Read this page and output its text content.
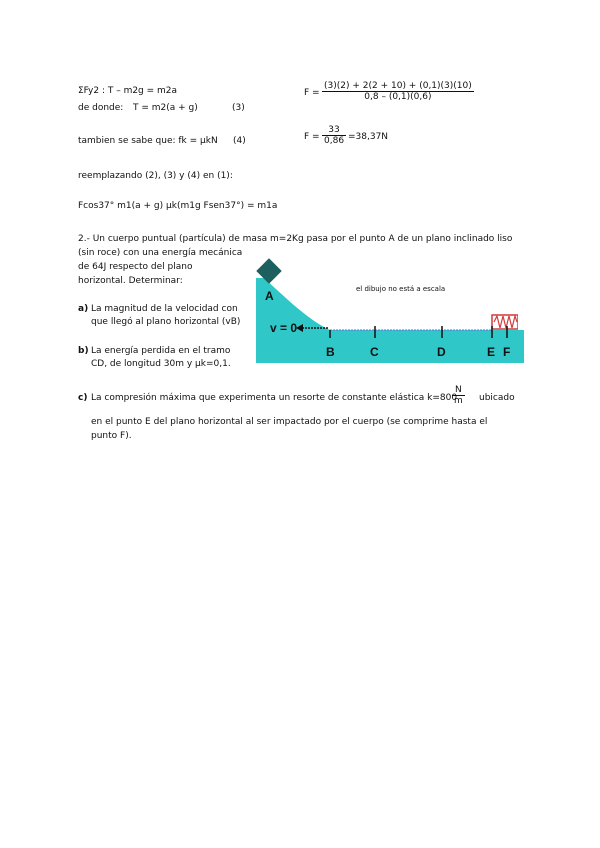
ΣFy2 : T – m2g = m2a
de donde: T = m2(a + g)	(3)
tambien se sabe que: fk = μkN (4)
$F = \frac{(3)(2) + 2(2 + 10) + (0,1)(3)(10)}{0,8 - (0,1)(0,6)}$
$F = \frac{33}{0,86} =38,37N$
reemplazando (2), (3) y (4) en (1):
Fcos37° m1(a + g) μk(m1g Fsen37°) = m1a
2.- Un cuerpo puntual (partícula) de masa m=2Kg pasa por el punto A de un plano inclinado liso
(sin roce) con una energía mecánica
de 64J respecto del plano
horizontal. Determinar:
a) La magnitud de la velocidad con
que llegó al plano horizontal (vB)
b) La energía perdida en el tramo
CD, de longitud 30m y μk=0,1.
c) La compresión máxima que experimenta un resorte de constante elástica k=800
$\frac{N}{m}$ ubicado
en el punto E del plano horizontal al ser impactado por el cuerpo (se comprime hasta el
punto F).
A
v = 0
B	C	D	E F
el dibujo no está a escala
